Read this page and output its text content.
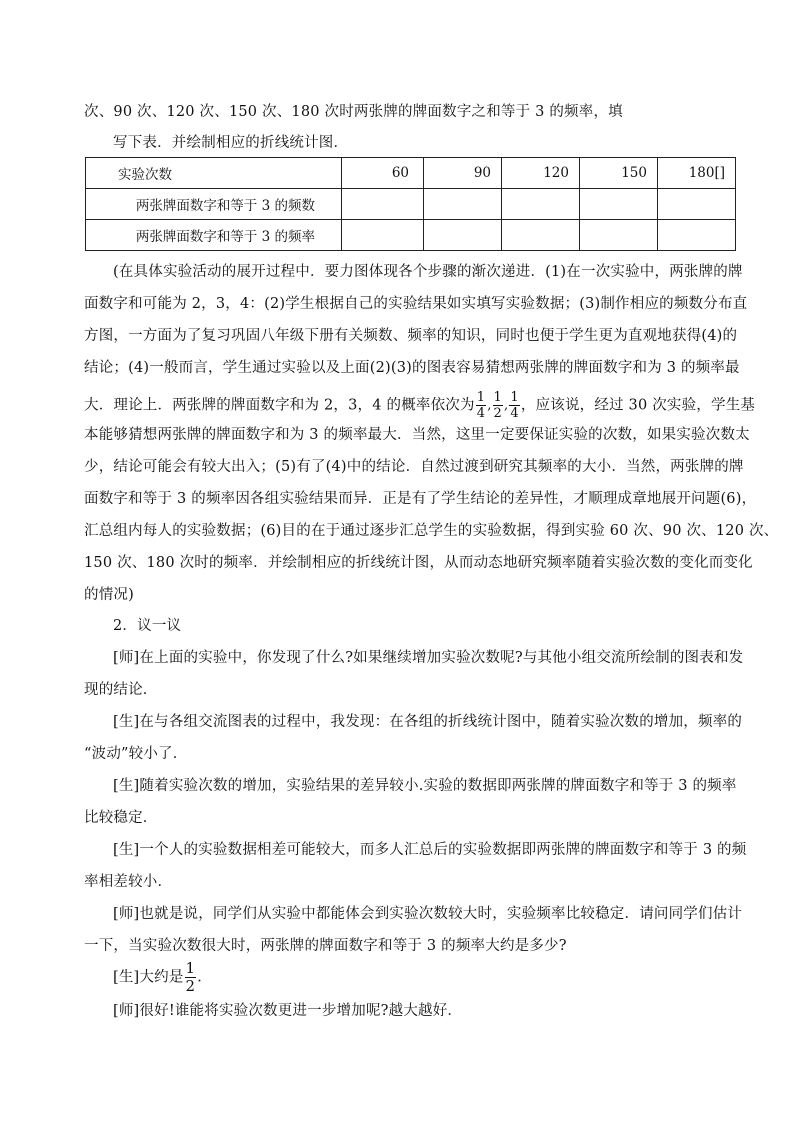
次、90 次、120 次、150 次、180 次时两张牌的牌面数字之和等于 3 的频率，填
写下表．并绘制相应的折线统计图．
实验次数	60	90	120	150	180[]
两张牌面数字和等于 3 的频数					
两张牌面数字和等于 3 的频率					
(在具体实验活动的展开过程中．要力图体现各个步骤的渐次递进．(1)在一次实验中，两张牌的牌
面数字和可能为 2，3，4：(2)学生根据自己的实验结果如实填写实验数据；(3)制作相应的频数分布直
方图，一方面为了复习巩固八年级下册有关频数、频率的知识，同时也便于学生更为直观地获得(4)的
结论；(4)一般而言，学生通过实验以及上面(2)(3)的图表容易猜想两张牌的牌面数字和为 3 的频率最
大．理论上．两张牌的牌面数字和为 2，3，4 的概率依次为 $\frac{1}{4}$ , $\frac{1}{2}$ , $\frac{1}{4}$ ，应该说，经过 30 次实验，学生基
本能够猜想两张牌的牌面数字和为 3 的频率最大．当然，这里一定要保证实验的次数，如果实验次数太
少，结论可能会有较大出入；(5)有了(4)中的结论．自然过渡到研究其频率的大小．当然，两张牌的牌
面数字和等于 3 的频率因各组实验结果而异．正是有了学生结论的差异性，才顺理成章地展开问题(6)，
汇总组内每人的实验数据；(6)目的在于通过逐步汇总学生的实验数据，得到实验 60 次、90 次、120 次、
150 次、180 次时的频率．并绘制相应的折线统计图，从而动态地研究频率随着实验次数的变化而变化
的情况)
2．议一议
[师]在上面的实验中，你发现了什么?如果继续增加实验次数呢?与其他小组交流所绘制的图表和发
现的结论．
[生]在与各组交流图表的过程中，我发现：在各组的折线统计图中，随着实验次数的增加，频率的
“波动”较小了．
[生]随着实验次数的增加，实验结果的差异较小.实验的数据即两张牌的牌面数字和等于 3 的频率
比较稳定．
[生]一个人的实验数据相差可能较大，而多人汇总后的实验数据即两张牌的牌面数字和等于 3 的频
率相差较小．
[师]也就是说，同学们从实验中都能体会到实验次数较大时，实验频率比较稳定．请问同学们估计
一下，当实验次数很大时，两张牌的牌面数字和等于 3 的频率大约是多少?
[生]大约是 $\frac{1}{2}$ ．
[师]很好!谁能将实验次数更进一步增加呢?越大越好．
